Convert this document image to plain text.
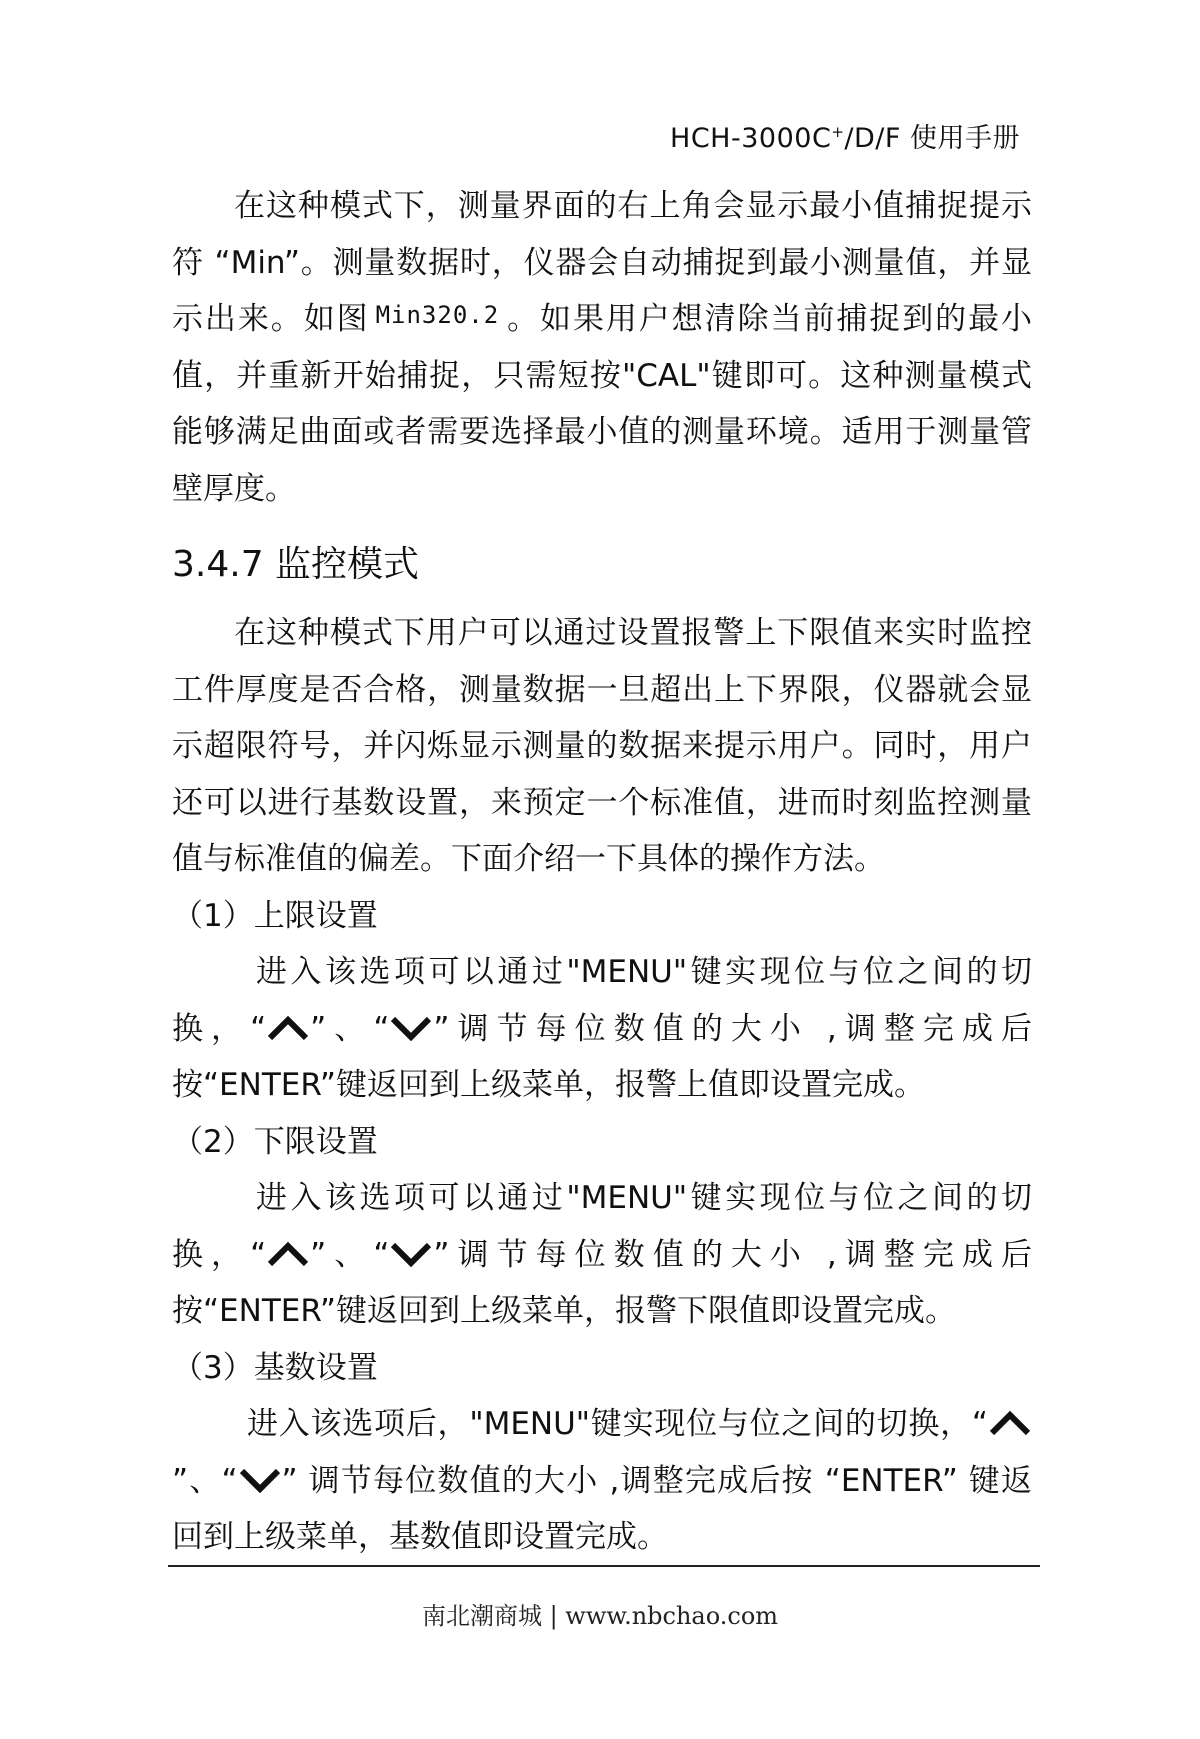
HCH-3000C+/D/F 使用手册

在这种模式下，测量界面的右上角会显示最小值捕捉提示符 “Min”。测量数据时，仪器会自动捕捉到最小测量值，并显示出来。如图 Min320.2 。如果用户想清除当前捕捉到的最小值，并重新开始捕捉，只需短按"CAL"键即可。这种测量模式能够满足曲面或者需要选择最小值的测量环境。适用于测量管壁厚度。

3.4.7 监控模式

在这种模式下用户可以通过设置报警上下限值来实时监控工件厚度是否合格，测量数据一旦超出上下界限，仪器就会显示超限符号，并闪烁显示测量的数据来提示用户。同时，用户还可以进行基数设置，来预定一个标准值，进而时刻监控测量值与标准值的偏差。下面介绍一下具体的操作方法。

（1）上限设置

进入该选项可以通过"MENU"键实现位与位之间的切换，“ ”、“ ”调节每位数值的大小 ,调整完成后按“ENTER”键返回到上级菜单，报警上值即设置完成。

（2）下限设置

进入该选项可以通过"MENU"键实现位与位之间的切换，“ ”、“ ”调节每位数值的大小 ,调整完成后按“ENTER”键返回到上级菜单，报警下限值即设置完成。

（3）基数设置

进入该选项后，"MENU"键实现位与位之间的切换，“
”、“ ” 调节每位数值的大小 ,调整完成后按 “ENTER” 键返回到上级菜单，基数值即设置完成。

南北潮商城 | www.nbchao.com
